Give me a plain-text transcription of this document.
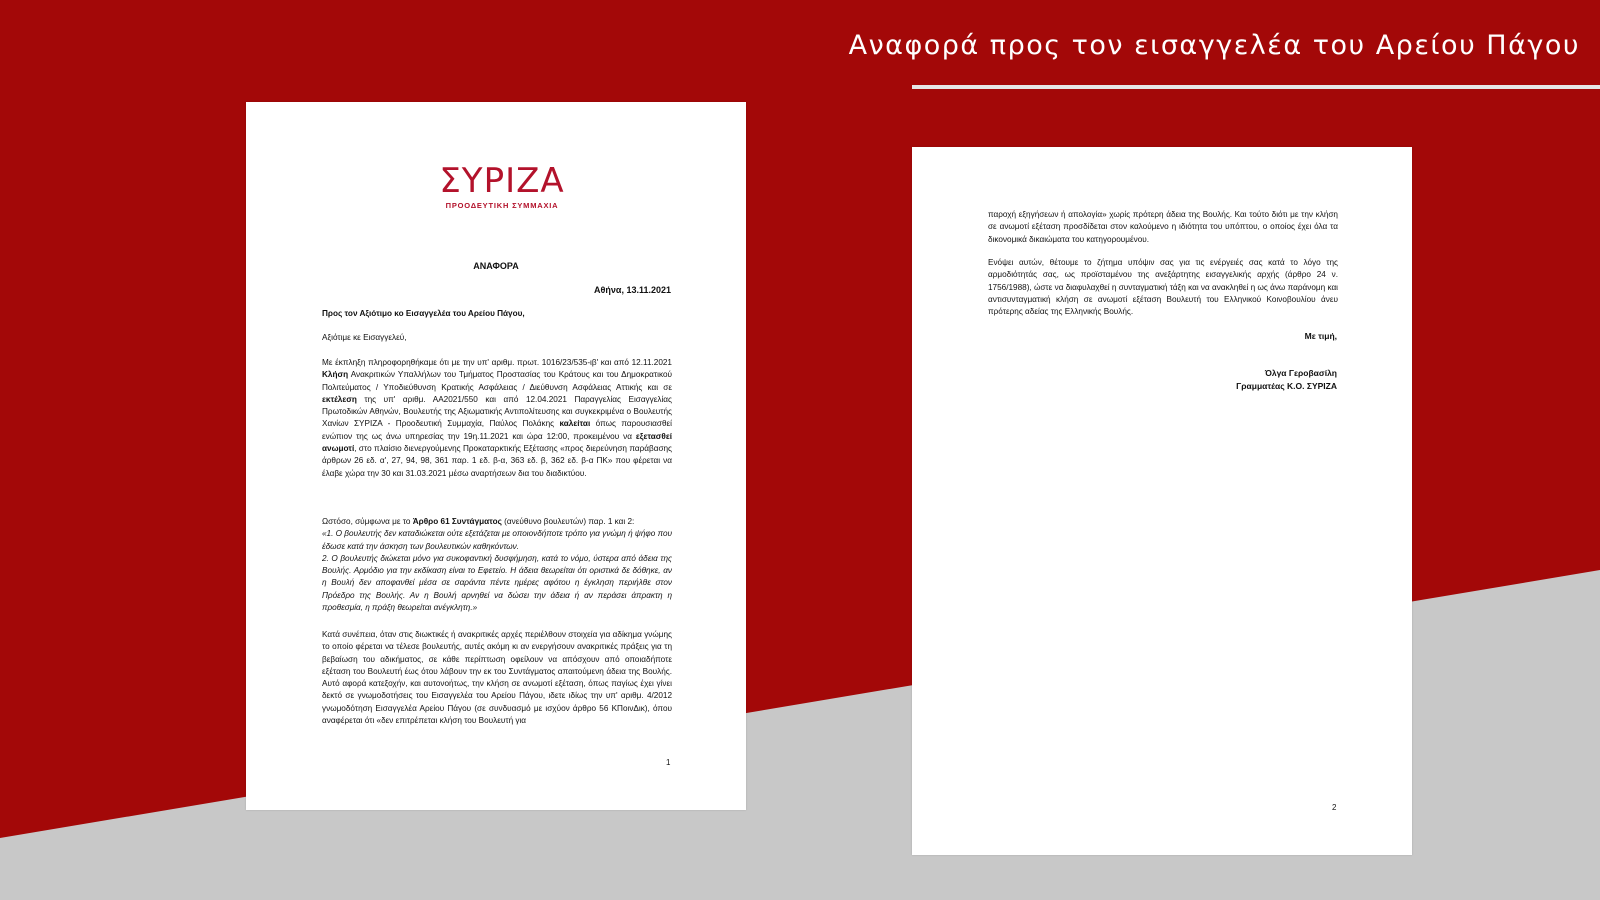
Αναφορά προς τον εισαγγελέα του Αρείου Πάγου
ΣΥΡΙΖΑ
ΠΡΟΟΔΕΥΤΙΚΗ ΣΥΜΜΑΧΙΑ
ΑΝΑΦΟΡΑ
Αθήνα, 13.11.2021
Προς τον Αξιότιμο κο Εισαγγελέα του Αρείου Πάγου,
Αξιότιμε κε Εισαγγελεύ,
Με έκπληξη πληροφορηθήκαμε ότι με την υπ' αριθμ. πρωτ. 1016/23/535-ιβ' και από 12.11.2021 Κλήση Ανακριτικών Υπαλλήλων του Τμήματος Προστασίας του Κράτους και του Δημοκρατικού Πολιτεύματος / Υποδιεύθυνση Κρατικής Ασφάλειας / Διεύθυνση Ασφάλειας Αττικής και σε εκτέλεση της υπ' αριθμ. ΑΑ2021/550 και από 12.04.2021 Παραγγελίας Εισαγγελίας Πρωτοδικών Αθηνών, Βουλευτής της Αξιωματικής Αντιπολίτευσης και συγκεκριμένα ο Βουλευτής Χανίων ΣΥΡΙΖΑ - Προοδευτική Συμμαχία, Παύλος Πολάκης καλείται όπως παρουσιασθεί ενώπιον της ως άνω υπηρεσίας την 19η.11.2021 και ώρα 12:00, προκειμένου να εξετασθεί ανωμοτί, στο πλαίσιο διενεργούμενης Προκαταρκτικής Εξέτασης «προς διερεύνηση παράβασης άρθρων 26 εδ. α', 27, 94, 98, 361 παρ. 1 εδ. β-α, 363 εδ. β, 362 εδ. β-α ΠΚ» που φέρεται να έλαβε χώρα την 30 και 31.03.2021 μέσω αναρτήσεων δια του διαδικτύου.
Ωστόσο, σύμφωνα με το Άρθρο 61 Συντάγματος (ανεύθυνο βουλευτών) παρ. 1 και 2:
«1. Ο βουλευτής δεν καταδιώκεται ούτε εξετάζεται με οποιονδήποτε τρόπο για γνώμη ή ψήφο που έδωσε κατά την άσκηση των βουλευτικών καθηκόντων.
2. Ο βουλευτής διώκεται μόνο για συκοφαντική δυσφήμηση, κατά το νόμο, ύστερα από άδεια της Βουλής. Αρμόδιο για την εκδίκαση είναι το Εφετείο. Η άδεια θεωρείται ότι οριστικά δε δόθηκε, αν η Βουλή δεν αποφανθεί μέσα σε σαράντα πέντε ημέρες αφότου η έγκληση περιήλθε στον Πρόεδρο της Βουλής. Αν η Βουλή αρνηθεί να δώσει την άδεια ή αν περάσει άπρακτη η προθεσμία, η πράξη θεωρείται ανέγκλητη.»
Κατά συνέπεια, όταν στις διωκτικές ή ανακριτικές αρχές περιέλθουν στοιχεία για αδίκημα γνώμης το οποίο φέρεται να τέλεσε βουλευτής, αυτές ακόμη κι αν ενεργήσουν ανακριτικές πράξεις για τη βεβαίωση του αδικήματος, σε κάθε περίπτωση οφείλουν να απόσχουν από οποιαδήποτε εξέταση του Βουλευτή έως ότου λάβουν την εκ του Συντάγματος απαιτούμενη άδεια της Βουλής. Αυτό αφορά κατεξοχήν, και αυτονοήτως, την κλήση σε ανωμοτί εξέταση, όπως παγίως έχει γίνει δεκτό σε γνωμοδοτήσεις του Εισαγγελέα του Αρείου Πάγου, ιδετε ιδίως την υπ' αριθμ. 4/2012 γνωμοδότηση Εισαγγελέα Αρείου Πάγου (σε συνδυασμό με ισχύον άρθρο 56 ΚΠοινΔικ), όπου αναφέρεται ότι «δεν επιτρέπεται κλήση του Βουλευτή για
1
παροχή εξηγήσεων ή απολογία» χωρίς πρότερη άδεια της Βουλής. Και τούτο διότι με την κλήση σε ανωμοτί εξέταση προσδίδεται στον καλούμενο η ιδιότητα του υπόπτου, ο οποίος έχει όλα τα δικονομικά δικαιώματα του κατηγορουμένου.
Ενόψει αυτών, θέτουμε το ζήτημα υπόψιν σας για τις ενέργειές σας κατά το λόγο της αρμοδιότητάς σας, ως προϊσταμένου της ανεξάρτητης εισαγγελικής αρχής (άρθρο 24 ν. 1756/1988), ώστε να διαφυλαχθεί η συνταγματική τάξη και να ανακληθεί η ως άνω παράνομη και αντισυνταγματική κλήση σε ανωμοτί εξέταση Βουλευτή του Ελληνικού Κοινοβουλίου άνευ πρότερης αδείας της Ελληνικής Βουλής.
Με τιμή,
Όλγα Γεροβασίλη
Γραμματέας Κ.Ο. ΣΥΡΙΖΑ
2
